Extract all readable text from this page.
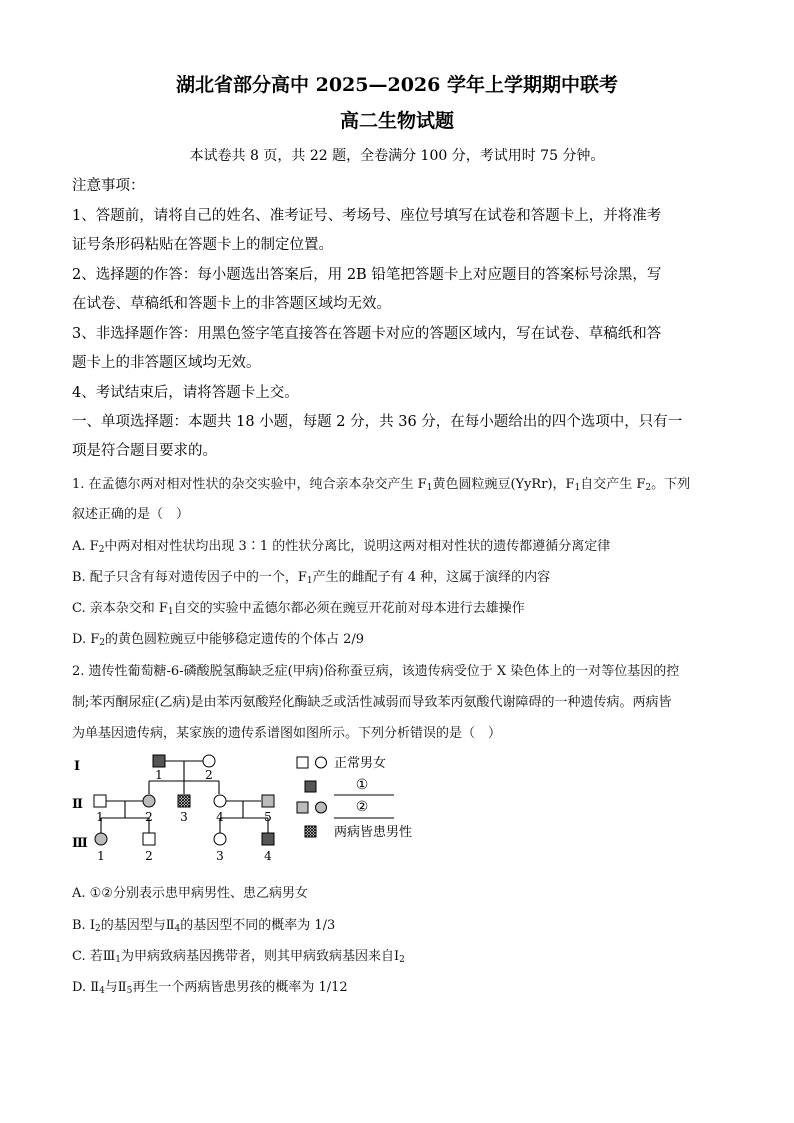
湖北省部分高中 2025—2026 学年上学期期中联考
高二生物试题
本试卷共 8 页，共 22 题，全卷满分 100 分，考试用时 75 分钟。
注意事项：
1、答题前，请将自己的姓名、准考证号、考场号、座位号填写在试卷和答题卡上，并将准考
证号条形码粘贴在答题卡上的制定位置。
2、选择题的作答：每小题选出答案后，用 2B 铅笔把答题卡上对应题目的答案标号涂黑，写
在试卷、草稿纸和答题卡上的非答题区域均无效。
3、非选择题作答：用黑色签字笔直接答在答题卡对应的答题区域内，写在试卷、草稿纸和答
题卡上的非答题区域均无效。
4、考试结束后，请将答题卡上交。
一、单项选择题：本题共 18 小题，每题 2 分，共 36 分，在每小题给出的四个选项中，只有一
项是符合题目要求的。
1. 在孟德尔两对相对性状的杂交实验中，纯合亲本杂交产生 $F_1$黄色圆粒豌豆(YyRr)，$F_1$自交产生 $F_2$。下列
叙述正确的是（　）
A. $F_2$中两对相对性状均出现 3∶1 的性状分离比，说明这两对相对性状的遗传都遵循分离定律
B. 配子只含有每对遗传因子中的一个，$F_1$产生的雌配子有 4 种，这属于演绎的内容
C. 亲本杂交和 $F_1$自交的实验中孟德尔都必须在豌豆开花前对母本进行去雄操作
D. $F_2$的黄色圆粒豌豆中能够稳定遗传的个体占 2/9
2. 遗传性葡萄糖-6-磷酸脱氢酶缺乏症(甲病)俗称蚕豆病，该遗传病受位于 X 染色体上的一对等位基因的控
制;苯丙酮尿症(乙病)是由苯丙氨酸羟化酶缺乏或活性减弱而导致苯丙氨酸代谢障碍的一种遗传病。两病皆
为单基因遗传病，某家族的遗传系谱图如图所示。下列分析错误的是（　）
Ⅰ
Ⅱ
Ⅲ
1	2
1	2 3 4	5
1	2	3	4
正常男女
①
②
两病皆患男性
A. ①②分别表示患甲病男性、患乙病男女
B. $Ⅰ_2$的基因型与$Ⅱ_4$的基因型不同的概率为 1/3
C. 若$Ⅲ_1$为甲病致病基因携带者，则其甲病致病基因来自$Ⅰ_2$
D. $Ⅱ_4$与$Ⅱ_5$再生一个两病皆患男孩的概率为 1/12
